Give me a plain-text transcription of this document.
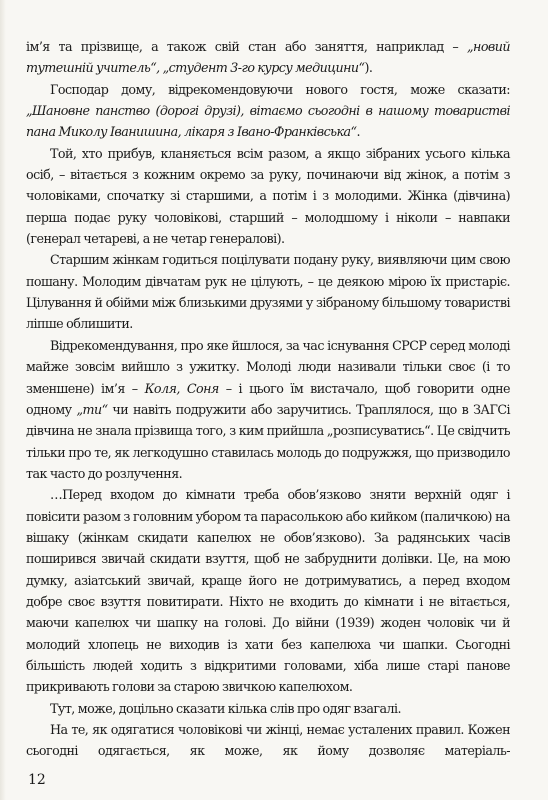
ім’я та прізвище, а також свій стан або заняття, наприклад – „новий тутешній учитель“, „студент 3-го курсу медицини“).

Господар дому, відрекомендовуючи нового гостя, може сказати: „Шановне панство (дорогі друзі), вітаємо сьогодні в нашому товаристві пана Миколу Іванишина, лікаря з Івано-Франківська“.

Той, хто прибув, кланяється всім разом, а якщо зібраних усього кілька осіб, – вітається з кожним окремо за руку, починаючи від жінок, а потім з чоловіками, спочатку зі старшими, а потім і з молодими. Жінка (дівчина) перша подає руку чоловікові, старший – молодшому і ніколи – навпаки (генерал четареві, а не четар генералові).

Старшим жінкам годиться поцілувати подану руку, виявляючи цим свою пошану. Молодим дівчатам рук не цілують, – це деякою мірою їх пристаріє. Цілування й обійми між близькими друзями у зібраному більшому товаристві ліпше облишити.

Відрекомендування, про яке йшлося, за час існування СРСР серед молоді майже зовсім вийшло з ужитку. Молоді люди називали тільки своє (і то зменшене) ім’я – Коля, Соня – і цього їм вистачало, щоб говорити одне одному „ти“ чи навіть подружити або заручитись. Траплялося, що в ЗАГСі дівчина не знала прізвища того, з ким прийшла „розписуватись“. Це свідчить тільки про те, як легкодушно ставилась молодь до подружжя, що призводило так часто до розлучення.

…Перед входом до кімнати треба обов’язково зняти верхній одяг і повісити разом з головним убором та парасолькою або кийком (паличкою) на вішаку (жінкам скидати капелюх не обов’язково). За радянських часів поширився звичай скидати взуття, щоб не забруднити долівки. Це, на мою думку, азіатський звичай, краще його не дотримуватись, а перед входом добре своє взуття повитирати. Ніхто не входить до кімнати і не вітається, маючи капелюх чи шапку на голові. До війни (1939) жоден чоловік чи й молодий хлопець не виходив із хати без капелюха чи шапки. Сьогодні більшість людей ходить з відкритими головами, хіба лише старі панове прикривають голови за старою звичкою капелюхом.

Тут, може, доцільно сказати кілька слів про одяг взагалі.

На те, як одягатися чоловікові чи жінці, немає усталених правил. Кожен сьогодні одягається, як може, як йому дозволяє матеріаль-

12
